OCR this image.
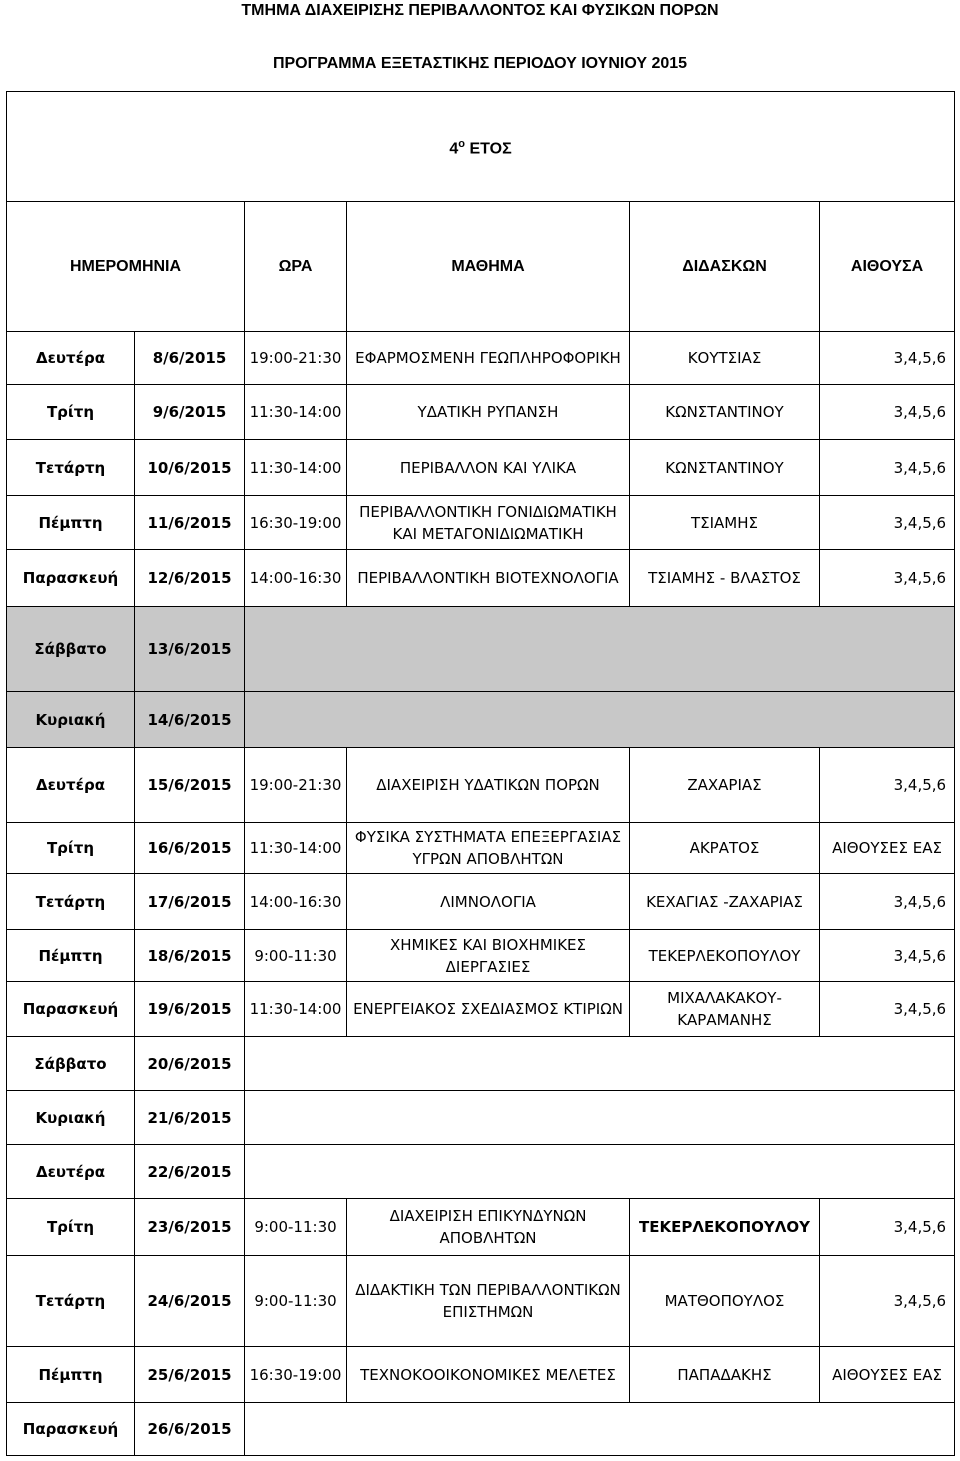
ΤΜΗΜΑ ΔΙΑΧΕΙΡΙΣΗΣ ΠΕΡΙΒΑΛΛΟΝΤΟΣ ΚΑΙ ΦΥΣΙΚΩΝ ΠΟΡΩΝ
ΠΡΟΓΡΑΜΜΑ ΕΞΕΤΑΣΤΙΚΗΣ ΠΕΡΙΟΔΟΥ ΙΟΥΝΙΟΥ 2015
$4^o$ ΕΤΟΣ					
ΗΜΕΡΟΜΗΝΙΑ		ΩΡΑ	ΜΑΘΗΜΑ	ΔΙΔΑΣΚΩΝ	ΑΙΘΟΥΣΑ
Δευτέρα	8/6/2015	19:00-21:30	ΕΦΑΡΜΟΣΜΕΝΗ ΓΕΩΠΛΗΡΟΦΟΡΙΚΗ	ΚΟΥΤΣΙΑΣ	3,4,5,6
Τρίτη	9/6/2015	11:30-14:00	ΥΔΑΤΙΚΗ ΡΥΠΑΝΣΗ	ΚΩΝΣΤΑΝΤΙΝΟΥ	3,4,5,6
Τετάρτη	10/6/2015	11:30-14:00	ΠΕΡΙΒΑΛΛΟΝ ΚΑΙ ΥΛΙΚΑ	ΚΩΝΣΤΑΝΤΙΝΟΥ	3,4,5,6
Πέμπτη	11/6/2015	16:30-19:00	ΠΕΡΙΒΑΛΛΟΝΤΙΚΗ ΓΟΝΙΔΙΩΜΑΤΙΚΗ
ΚΑΙ ΜΕΤΑΓΟΝΙΔΙΩΜΑΤΙΚΗ	ΤΣΙΑΜΗΣ	3,4,5,6
Παρασκευή	12/6/2015	14:00-16:30	ΠΕΡΙΒΑΛΛΟΝΤΙΚΗ ΒΙΟΤΕΧΝΟΛΟΓΙΑ	ΤΣΙΑΜΗΣ - ΒΛΑΣΤΟΣ	3,4,5,6
Σάββατο	13/6/2015				
Κυριακή	14/6/2015				
Δευτέρα	15/6/2015	19:00-21:30	ΔΙΑΧΕΙΡΙΣΗ ΥΔΑΤΙΚΩΝ ΠΟΡΩΝ	ΖΑΧΑΡΙΑΣ	3,4,5,6
Τρίτη	16/6/2015	11:30-14:00	ΦΥΣΙΚΑ ΣΥΣΤΗΜΑΤΑ ΕΠΕΞΕΡΓΑΣΙΑΣ
ΥΓΡΩΝ ΑΠΟΒΛΗΤΩΝ	ΑΚΡΑΤΟΣ	ΑΙΘΟΥΣΕΣ ΕΑΣ
Τετάρτη	17/6/2015	14:00-16:30	ΛΙΜΝΟΛΟΓΙΑ	ΚΕΧΑΓΙΑΣ -ΖΑΧΑΡΙΑΣ	3,4,5,6
Πέμπτη	18/6/2015	9:00-11:30	ΧΗΜΙΚΕΣ ΚΑΙ ΒΙΟΧΗΜΙΚΕΣ ΔΙΕΡΓΑΣΙΕΣ	ΤΕΚΕΡΛΕΚΟΠΟΥΛΟΥ	3,4,5,6
Παρασκευή	19/6/2015	11:30-14:00	ΕΝΕΡΓΕΙΑΚΟΣ ΣΧΕΔΙΑΣΜΟΣ ΚΤΙΡΙΩΝ	ΜΙΧΑΛΑΚΑΚΟΥ-
ΚΑΡΑΜΑΝΗΣ	3,4,5,6
Σάββατο	20/6/2015				
Κυριακή	21/6/2015				
Δευτέρα	22/6/2015				
Τρίτη	23/6/2015	9:00-11:30	ΔΙΑΧΕΙΡΙΣΗ ΕΠΙΚΥΝΔΥΝΩΝ
ΑΠΟΒΛΗΤΩΝ	ΤΕΚΕΡΛΕΚΟΠΟΥΛΟΥ	3,4,5,6
Τετάρτη	24/6/2015	9:00-11:30	ΔΙΔΑΚΤΙΚΗ ΤΩΝ ΠΕΡΙΒΑΛΛΟΝΤΙΚΩΝ
ΕΠΙΣΤΗΜΩΝ	ΜΑΤΘΟΠΟΥΛΟΣ	3,4,5,6
Πέμπτη	25/6/2015	16:30-19:00	ΤΕΧΝΟΚΟΟΙΚΟΝΟΜΙΚΕΣ ΜΕΛΕΤΕΣ	ΠΑΠΑΔΑΚΗΣ	ΑΙΘΟΥΣΕΣ ΕΑΣ
Παρασκευή	26/6/2015				
